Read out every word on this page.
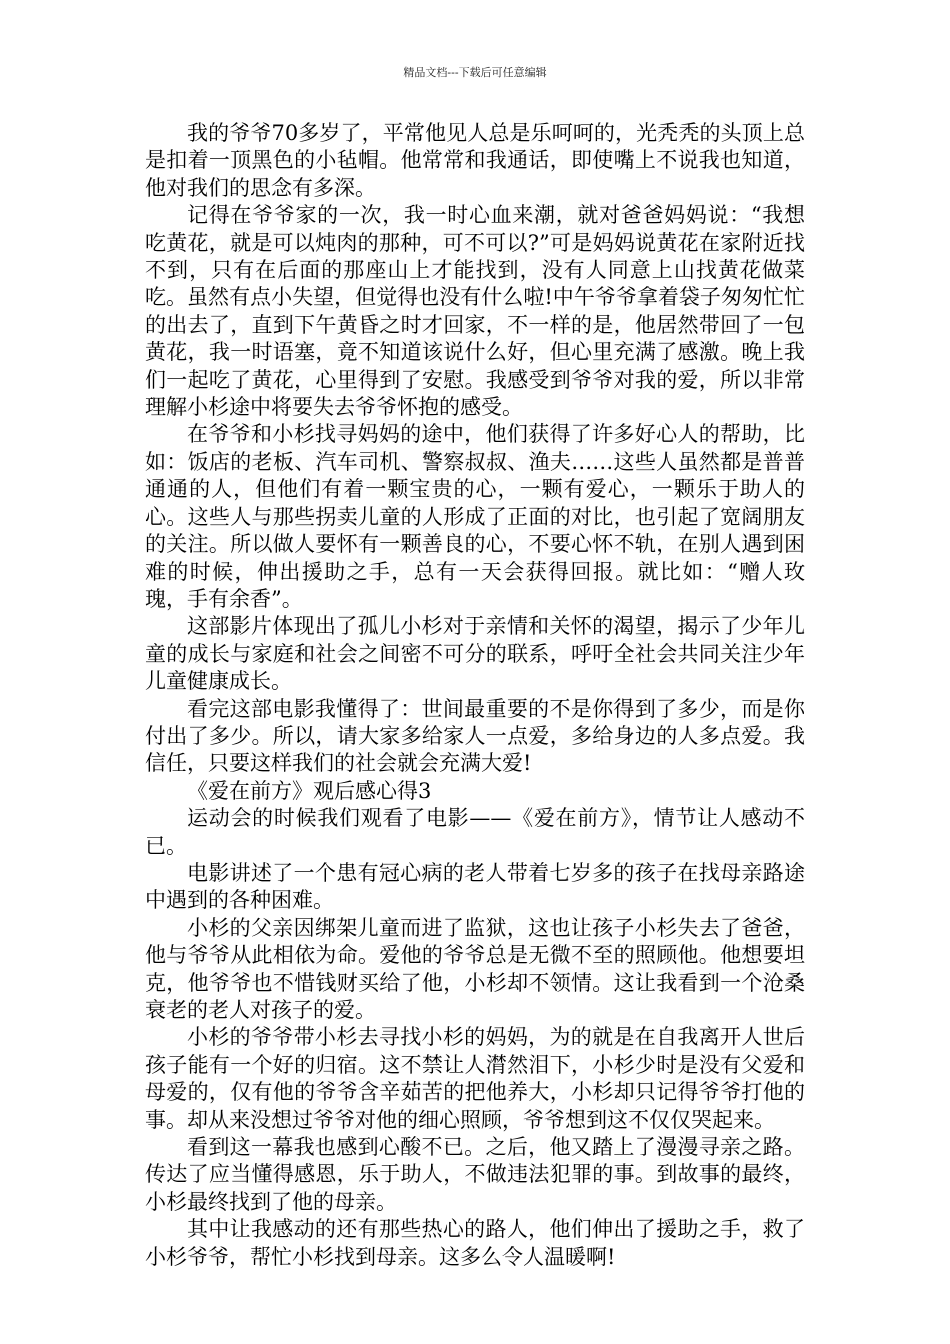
精品文档---下载后可任意编辑

我的爷爷70多岁了，平常他见人总是乐呵呵的，光秃秃的头顶上总是扣着一顶黑色的小毡帽。他常常和我通话，即使嘴上不说我也知道，他对我们的思念有多深。

记得在爷爷家的一次，我一时心血来潮，就对爸爸妈妈说：“我想吃黄花，就是可以炖肉的那种，可不可以?”可是妈妈说黄花在家附近找不到，只有在后面的那座山上才能找到，没有人同意上山找黄花做菜吃。虽然有点小失望，但觉得也没有什么啦!中午爷爷拿着袋子匆匆忙忙的出去了，直到下午黄昏之时才回家，不一样的是，他居然带回了一包黄花，我一时语塞，竟不知道该说什么好，但心里充满了感激。晚上我们一起吃了黄花，心里得到了安慰。我感受到爷爷对我的爱，所以非常理解小杉途中将要失去爷爷怀抱的感受。

在爷爷和小杉找寻妈妈的途中，他们获得了许多好心人的帮助，比如：饭店的老板、汽车司机、警察叔叔、渔夫……这些人虽然都是普普通通的人，但他们有着一颗宝贵的心，一颗有爱心，一颗乐于助人的心。这些人与那些拐卖儿童的人形成了正面的对比，也引起了宽阔朋友的关注。所以做人要怀有一颗善良的心，不要心怀不轨，在别人遇到困难的时候，伸出援助之手，总有一天会获得回报。就比如：“赠人玫瑰，手有余香”。

这部影片体现出了孤儿小杉对于亲情和关怀的渴望，揭示了少年儿童的成长与家庭和社会之间密不可分的联系，呼吁全社会共同关注少年儿童健康成长。

看完这部电影我懂得了：世间最重要的不是你得到了多少，而是你付出了多少。所以，请大家多给家人一点爱，多给身边的人多点爱。我信任，只要这样我们的社会就会充满大爱!

《爱在前方》观后感心得3

运动会的时候我们观看了电影——《爱在前方》，情节让人感动不已。

电影讲述了一个患有冠心病的老人带着七岁多的孩子在找母亲路途中遇到的各种困难。

小杉的父亲因绑架儿童而进了监狱，这也让孩子小杉失去了爸爸，他与爷爷从此相依为命。爱他的爷爷总是无微不至的照顾他。他想要坦克，他爷爷也不惜钱财买给了他，小杉却不领情。这让我看到一个沧桑衰老的老人对孩子的爱。

小杉的爷爷带小杉去寻找小杉的妈妈，为的就是在自我离开人世后孩子能有一个好的归宿。这不禁让人潸然泪下，小杉少时是没有父爱和母爱的，仅有他的爷爷含辛茹苦的把他养大，小杉却只记得爷爷打他的事。却从来没想过爷爷对他的细心照顾，爷爷想到这不仅仅哭起来。

看到这一幕我也感到心酸不已。之后，他又踏上了漫漫寻亲之路。传达了应当懂得感恩，乐于助人，不做违法犯罪的事。到故事的最终，小杉最终找到了他的母亲。

其中让我感动的还有那些热心的路人，他们伸出了援助之手，救了小杉爷爷，帮忙小杉找到母亲。这多么令人温暖啊!
